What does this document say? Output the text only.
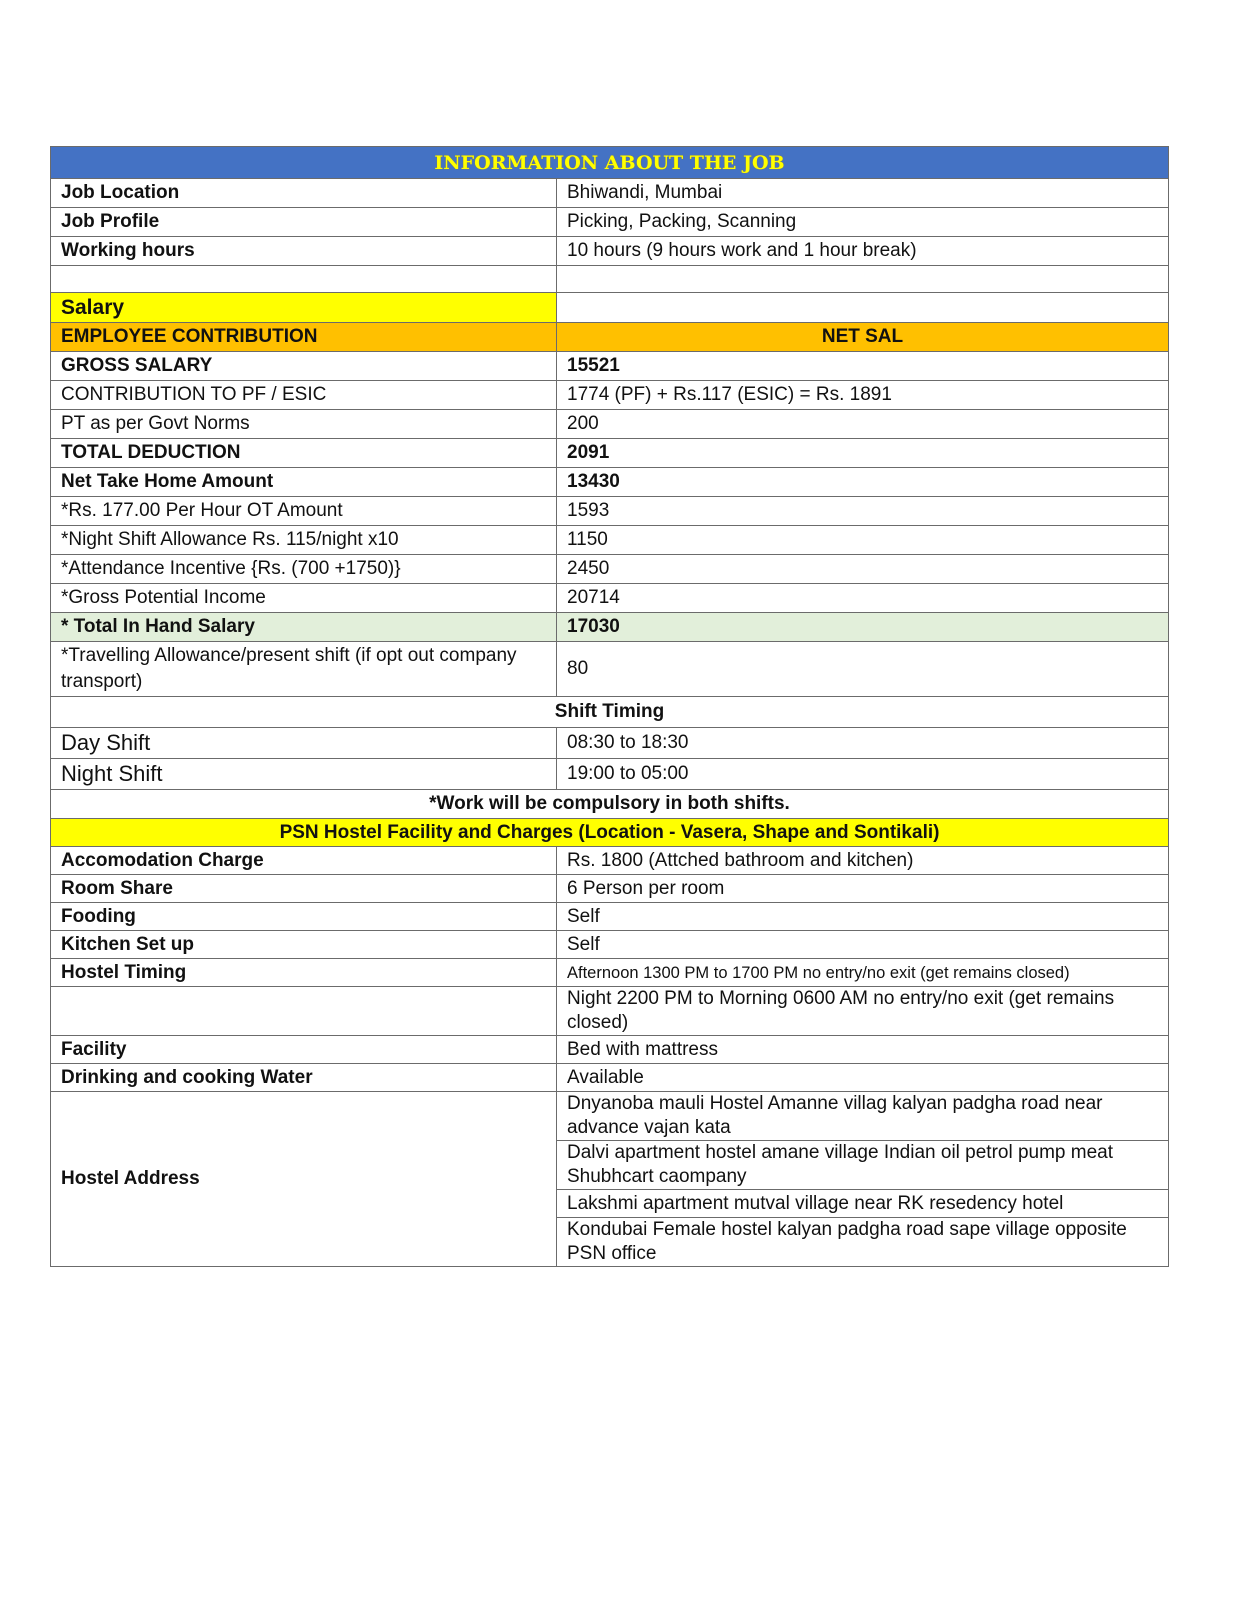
INFORMATION ABOUT THE JOB	
Job Location	Bhiwandi, Mumbai
Job Profile	Picking, Packing, Scanning
Working hours	10 hours (9 hours work and 1 hour break)

Salary	
EMPLOYEE CONTRIBUTION	NET SAL
GROSS SALARY	15521
CONTRIBUTION TO PF / ESIC	1774 (PF) + Rs.117 (ESIC) = Rs. 1891
PT as per Govt Norms	200
TOTAL DEDUCTION	2091
Net Take Home Amount	13430
*Rs. 177.00 Per Hour OT Amount	1593
*Night Shift Allowance Rs. 115/night x10	1150
*Attendance Incentive {Rs. (700 +1750)}	2450
*Gross Potential Income	20714
* Total In Hand Salary	17030
*Travelling Allowance/present shift (if opt out company transport)	80
Shift Timing	
Day Shift	08:30 to 18:30
Night Shift	19:00 to 05:00
*Work will be compulsory in both shifts.	
PSN Hostel Facility and Charges (Location - Vasera, Shape and Sontikali)	
Accomodation Charge	Rs. 1800 (Attched bathroom and kitchen)
Room Share	6 Person per room
Fooding	Self
Kitchen Set up	Self
Hostel Timing	Afternoon 1300 PM to 1700 PM no entry/no exit (get remains closed)
	Night 2200 PM to Morning 0600 AM no entry/no exit (get remains closed)
Facility	Bed with mattress
Drinking and cooking Water	Available
Hostel Address	Dnyanoba mauli Hostel Amanne villag kalyan padgha road near advance vajan kata
	Dalvi apartment hostel amane village Indian oil petrol pump meat Shubhcart caompany
	Lakshmi apartment mutval village near RK resedency hotel
	Kondubai Female hostel kalyan padgha road sape village opposite PSN office
